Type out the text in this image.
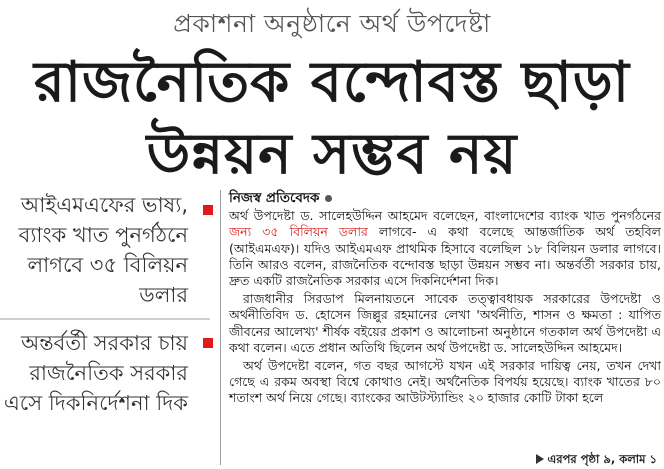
প্রকাশনা অনুষ্ঠানে অর্থ উপদেষ্টা
রাজনৈতিক বন্দোবস্ত ছাড়া
উন্নয়ন সম্ভব নয়
আইএমএফের ভাষ্য, ব্যাংক খাত পুনর্গঠনে লাগবে ৩৫ বিলিয়ন ডলার
অন্তর্বর্তী সরকার চায় রাজনৈতিক সরকার এসে দিকনির্দেশনা দিক
নিজস্ব প্রতিবেদক

অর্থ উপদেষ্টা ড. সালেহউদ্দিন আহমেদ বলেছেন, বাংলাদেশের ব্যাংক খাত পুনর্গঠনের জন্য ৩৫ বিলিয়ন ডলার লাগবে- এ কথা বলেছে আন্তর্জাতিক অর্থ তহবিল (আইএমএফ)। যদিও আইএমএফ প্রাথমিক হিসাবে বলেছিল ১৮ বিলিয়ন ডলার লাগবে। তিনি আরও বলেন, রাজনৈতিক বন্দোবস্ত ছাড়া উন্নয়ন সম্ভব না। অন্তর্বর্তী সরকার চায়, দ্রুত একটি রাজনৈতিক সরকার এসে দিকনির্দেশনা দিক।

রাজধানীর সিরডাপ মিলনায়তনে সাবেক তত্ত্বাবধায়ক সরকারের উপদেষ্টা ও অর্থনীতিবিদ ড. হোসেন জিল্লুর রহমানের লেখা 'অর্থনীতি, শাসন ও ক্ষমতা : যাপিত জীবনের আলেখ্য' শীর্ষক বইয়ের প্রকাশ ও আলোচনা অনুষ্ঠানে গতকাল অর্থ উপদেষ্টা এ কথা বলেন। এতে প্রধান অতিথি ছিলেন অর্থ উপদেষ্টা ড. সালেহউদ্দিন আহমেদ।

অর্থ উপদেষ্টা বলেন, গত বছর আগস্টে যখন এই সরকার দায়িত্ব নেয়, তখন দেখা গেছে এ রকম অবস্থা বিশ্বে কোথাও নেই। অর্থনৈতিক বিপর্যয় হয়েছে। ব্যাংক খাতের ৮০ শতাংশ অর্থ নিয়ে গেছে। ব্যাংকের আউটস্ট্যান্ডিং ২০ হাজার কোটি টাকা হলে

এরপর পৃষ্ঠা ৯, কলাম ১
